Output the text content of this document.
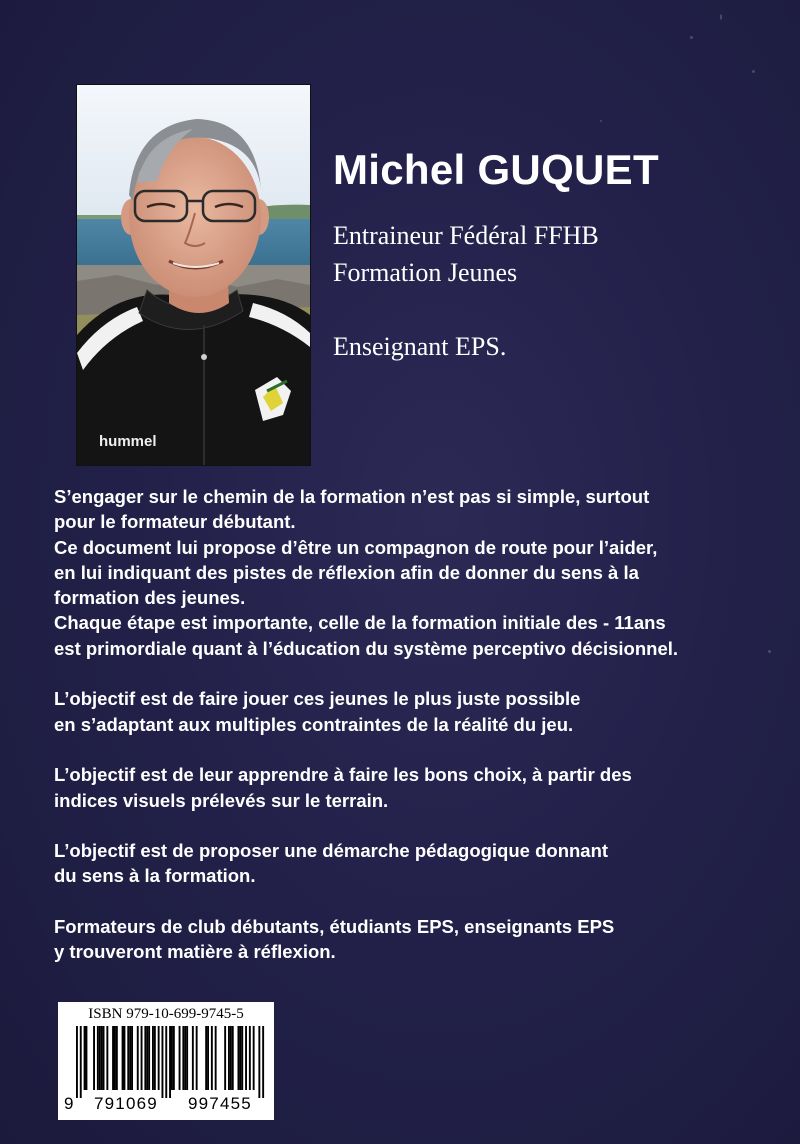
hummel
Michel GUQUET
Entraineur Fédéral FFHB
Formation Jeunes
Enseignant EPS.

S’engager sur le chemin de la formation n’est pas si simple, surtout
pour le formateur débutant.
Ce document lui propose d’être un compagnon de route pour l’aider,
en lui indiquant des pistes de réflexion afin de donner du sens à la
formation des jeunes.
Chaque étape est importante, celle de la formation initiale des - 11ans
est primordiale quant à l’éducation du système perceptivo décisionnel.

L’objectif est de faire jouer ces jeunes le plus juste possible
en s’adaptant aux multiples contraintes de la réalité du jeu.

L’objectif est de leur apprendre à faire les bons choix, à partir des
indices visuels prélevés sur le terrain.

L’objectif est de proposer une démarche pédagogique donnant
du sens à la formation.

Formateurs de club débutants, étudiants EPS, enseignants EPS
y trouveront matière à réflexion.

ISBN 979-10-699-9745-5
9 791069 997455
